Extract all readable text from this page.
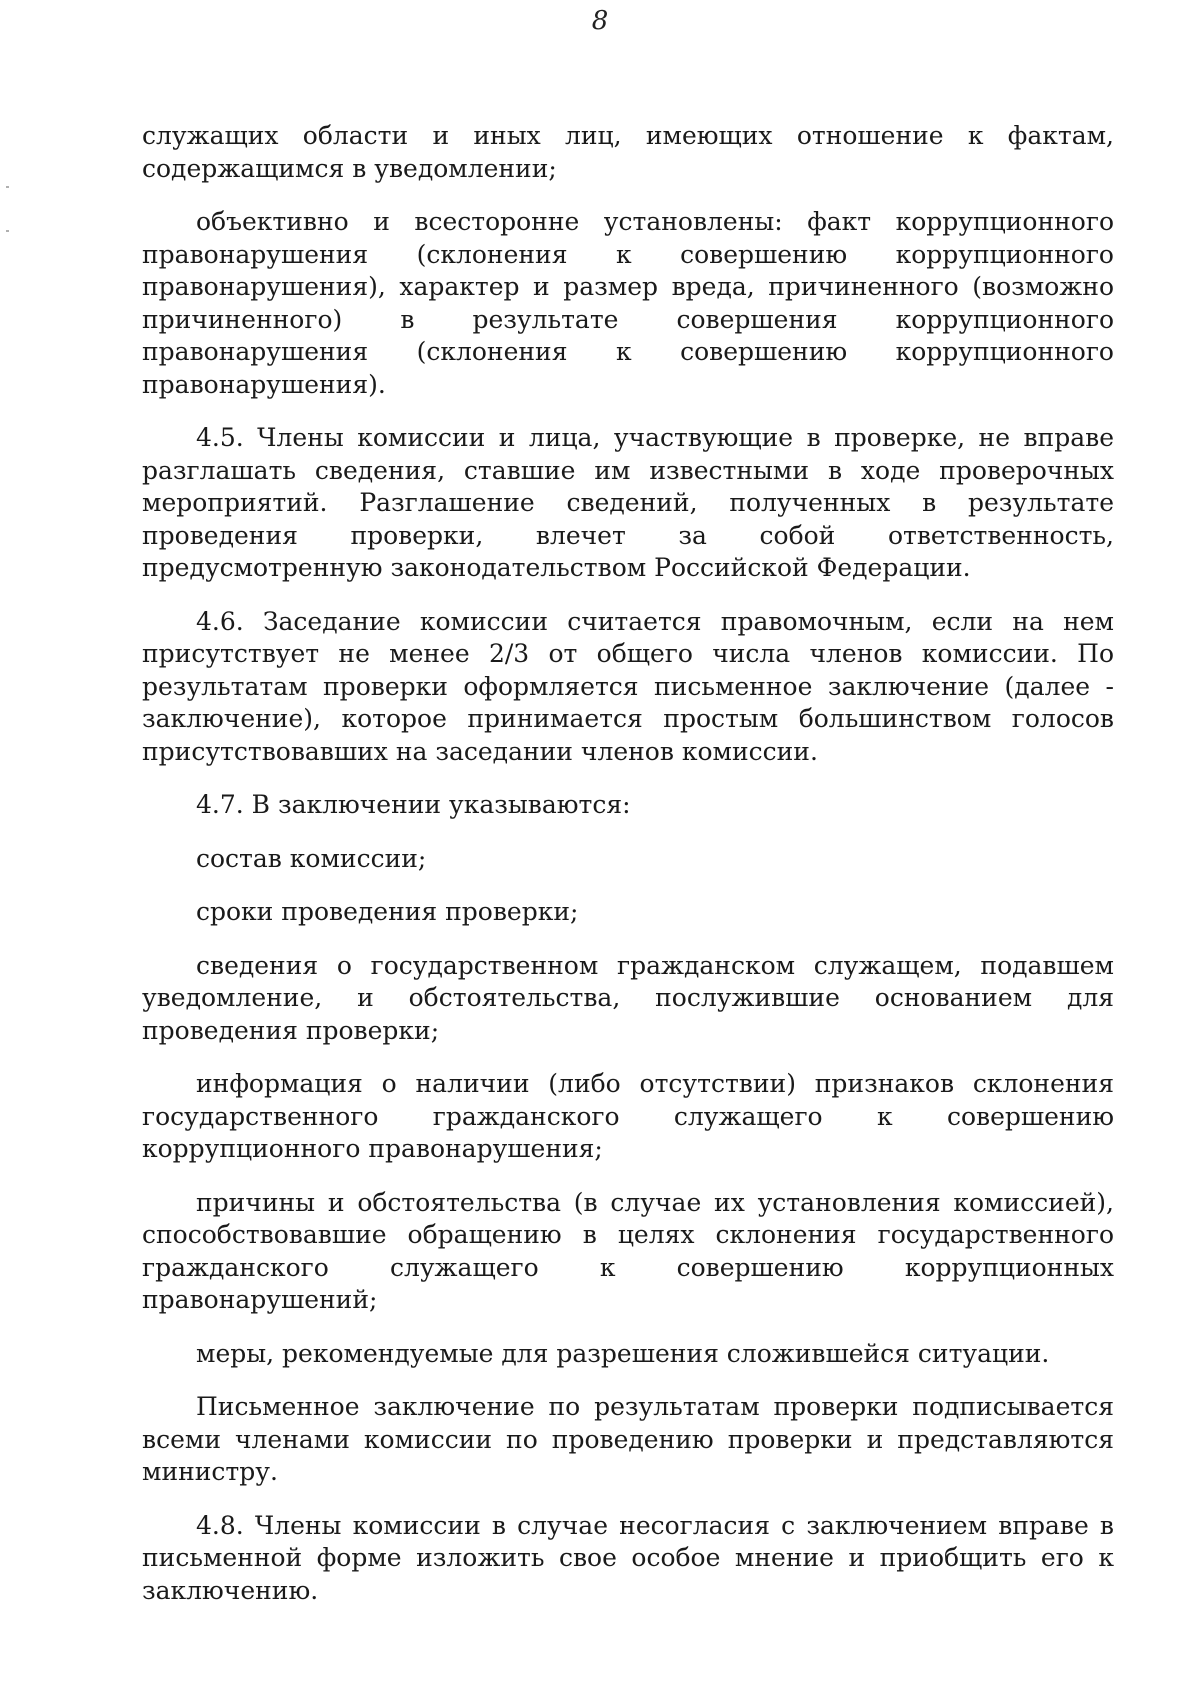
8

служащих области и иных лиц, имеющих отношение к фактам, содержащимся в уведомлении;

объективно и всесторонне установлены: факт коррупционного правонарушения (склонения к совершению коррупционного правонарушения), характер и размер вреда, причиненного (возможно причиненного) в результате совершения коррупционного правонарушения (склонения к совершению коррупционного правонарушения).

4.5. Члены комиссии и лица, участвующие в проверке, не вправе разглашать сведения, ставшие им известными в ходе проверочных мероприятий. Разглашение сведений, полученных в результате проведения проверки, влечет за собой ответственность, предусмотренную законодательством Российской Федерации.

4.6. Заседание комиссии считается правомочным, если на нем присутствует не менее 2/3 от общего числа членов комиссии. По результатам проверки оформляется письменное заключение (далее - заключение), которое принимается простым большинством голосов присутствовавших на заседании членов комиссии.

4.7. В заключении указываются:

состав комиссии;

сроки проведения проверки;

сведения о государственном гражданском служащем, подавшем уведомление, и обстоятельства, послужившие основанием для проведения проверки;

информация о наличии (либо отсутствии) признаков склонения государственного гражданского служащего к совершению коррупционного правонарушения;

причины и обстоятельства (в случае их установления комиссией), способствовавшие обращению в целях склонения государственного гражданского служащего к совершению коррупционных правонарушений;

меры, рекомендуемые для разрешения сложившейся ситуации.

Письменное заключение по результатам проверки подписывается всеми членами комиссии по проведению проверки и представляются министру.

4.8. Члены комиссии в случае несогласия с заключением вправе в письменной форме изложить свое особое мнение и приобщить его к заключению.
